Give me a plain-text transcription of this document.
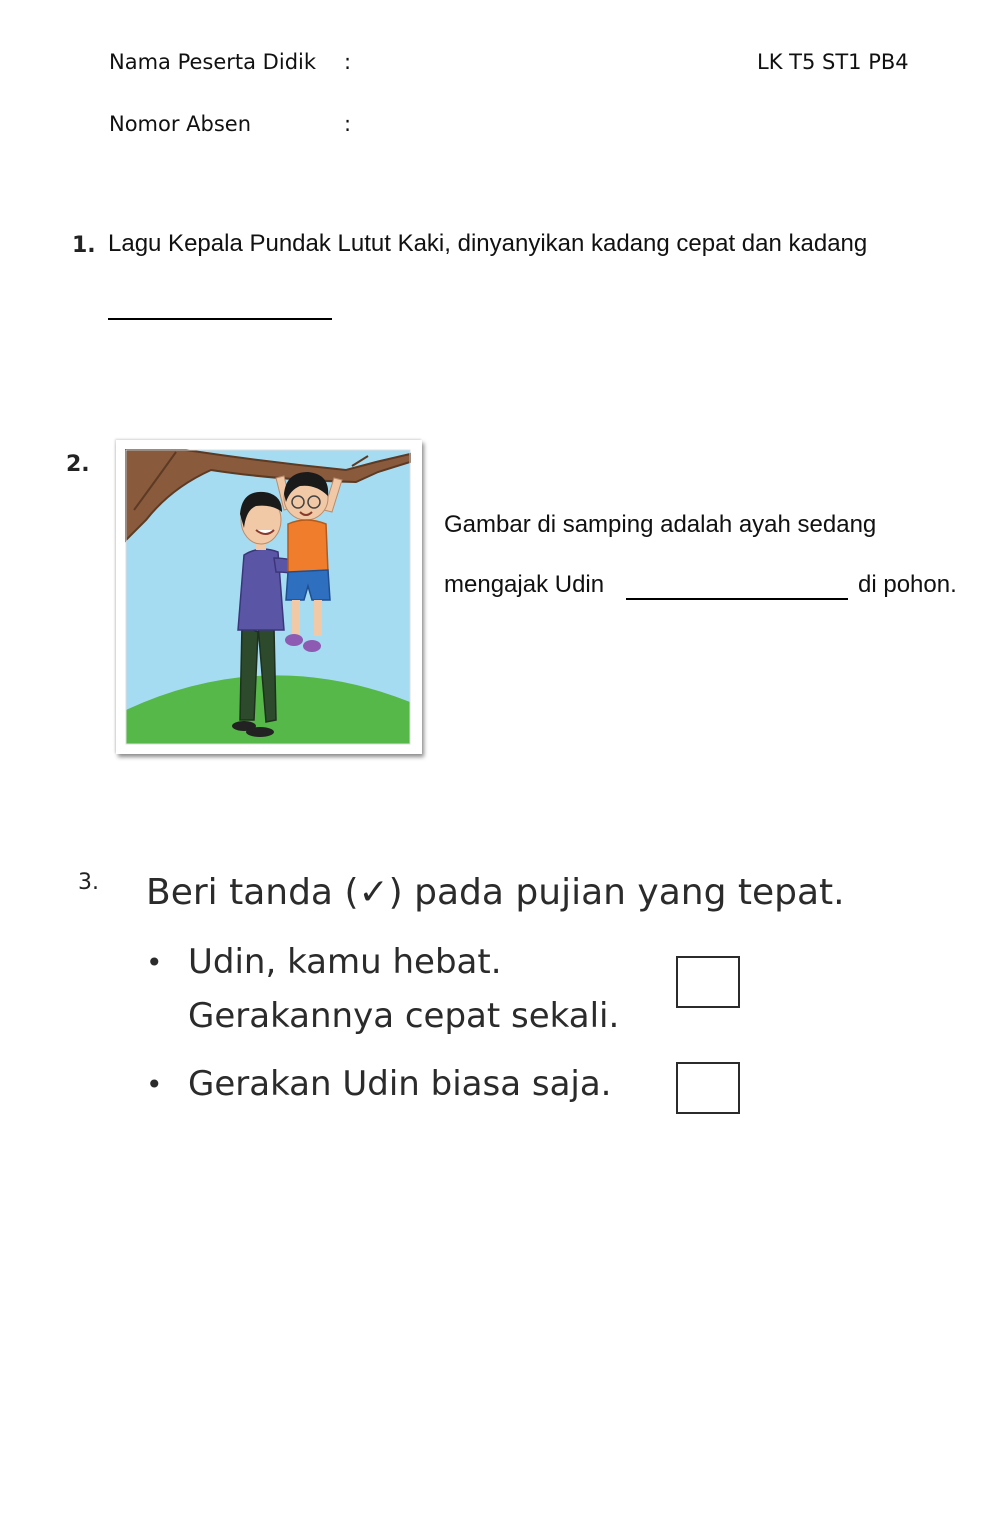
Nama Peserta Didik :	LK T5 ST1 PB4
Nomor Absen	:
1. Lagu Kepala Pundak Lutut Kaki, dinyanyikan kadang cepat dan kadang
2.
Gambar di samping adalah ayah sedang
mengajak Udin	di pohon.
3. Beri tanda (✓) pada pujian yang tepat.
• Udin, kamu hebat.
Gerakannya cepat sekali.
• Gerakan Udin biasa saja.
